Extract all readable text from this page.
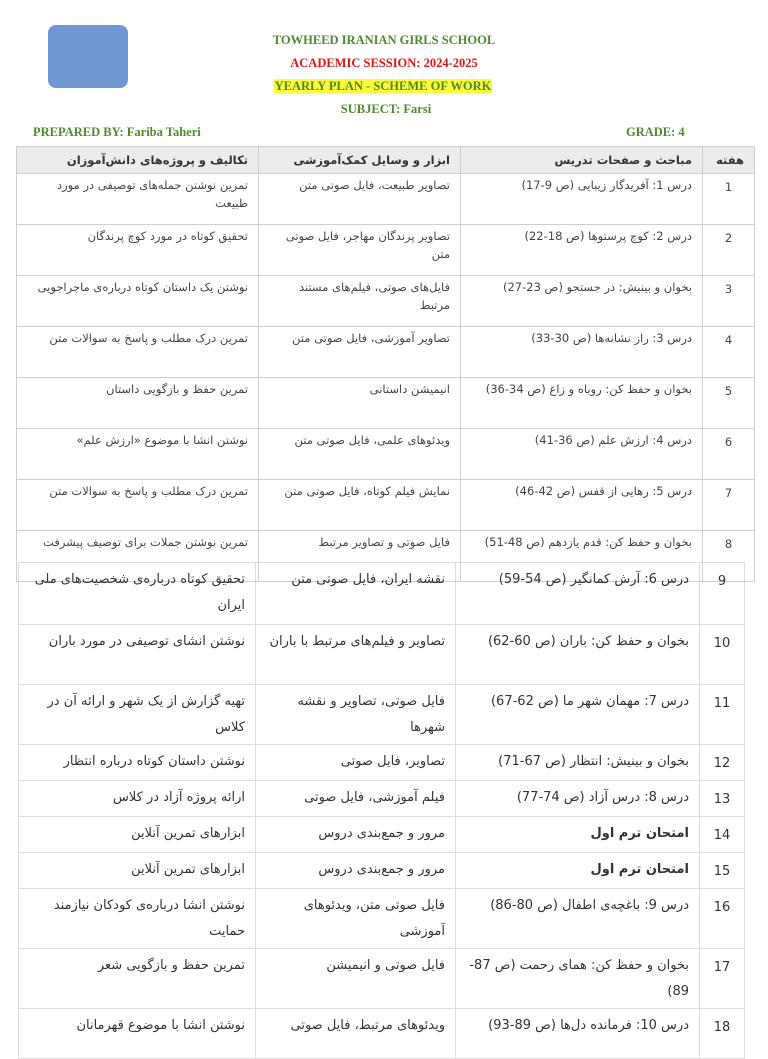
TOWHEED IRANIAN GIRLS SCHOOL
ACADEMIC SESSION: 2024-2025
YEARLY PLAN - SCHEME OF WORK
SUBJECT: Farsi
PREPARED BY: Fariba Taheri	GRADE: 4
هفته	مباحث و صفحات تدریس	ابزار و وسایل کمک‌آموزشی	تکالیف و پروژه‌های دانش‌آموزان
1	درس 1: آفریدگار زیبایی (ص 9-17)	تصاویر طبیعت، فایل صوتی متن	تمرین نوشتن جمله‌های توصیفی در مورد طبیعت
2	درس 2: کوچ پرستوها (ص 18-22)	تصاویر پرندگان مهاجر، فایل صوتی متن	تحقیق کوتاه در مورد کوچ پرندگان
3	بخوان و بینیش: در جستجو (ص 23-27)	فایل‌های صوتی، فیلم‌های مستند مرتبط	نوشتن یک داستان کوتاه درباره‌ی ماجراجویی
4	درس 3: راز نشانه‌ها (ص 30-33)	تصاویر آموزشی، فایل صوتی متن	تمرین درک مطلب و پاسخ به سوالات متن
5	بخوان و حفظ کن: روباه و زاغ (ص 34-36)	انیمیشن داستانی	تمرین حفظ و بازگویی داستان
6	درس 4: ارزش علم (ص 36-41)	ویدئوهای علمی، فایل صوتی متن	نوشتن انشا با موضوع «ارزش علم»
7	درس 5: رهایی از قفس (ص 42-46)	نمایش فیلم کوتاه، فایل صوتی متن	تمرین درک مطلب و پاسخ به سوالات متن
8	بخوان و حفظ کن: قدم یازدهم (ص 48-51)	فایل صوتی و تصاویر مرتبط	تمرین نوشتن جملات برای توصیف پیشرفت
9	درس 6: آرش کمانگیر (ص 54-59)	نقشه ایران، فایل صوتی متن	تحقیق کوتاه درباره‌ی شخصیت‌های ملی ایران
10	بخوان و حفظ کن: باران (ص 60-62)	تصاویر و فیلم‌های مرتبط با باران	نوشتن انشای توصیفی در مورد باران
11	درس 7: مهمان شهر ما (ص 62-67)	فایل صوتی، تصاویر و نقشه شهرها	تهیه گزارش از یک شهر و ارائه آن در کلاس
12	بخوان و بینیش: انتظار (ص 67-71)	تصاویر، فایل صوتی	نوشتن داستان کوتاه درباره انتظار
13	درس 8: درس آزاد (ص 74-77)	فیلم آموزشی، فایل صوتی	ارائه پروژه آزاد در کلاس
14	امتحان ترم اول	مرور و جمع‌بندی دروس	ابزارهای تمرین آنلاین
15	امتحان ترم اول	مرور و جمع‌بندی دروس	ابزارهای تمرین آنلاین
16	درس 9: باغچه‌ی اطفال (ص 80-86)	فایل صوتی متن، ویدئوهای آموزشی	نوشتن انشا درباره‌ی کودکان نیازمند حمایت
17	بخوان و حفظ کن: همای رحمت (ص 87-89)	فایل صوتی و انیمیشن	تمرین حفظ و بازگویی شعر
18	درس 10: فرمانده دل‌ها (ص 89-93)	ویدئوهای مرتبط، فایل صوتی	نوشتن انشا با موضوع قهرمانان
